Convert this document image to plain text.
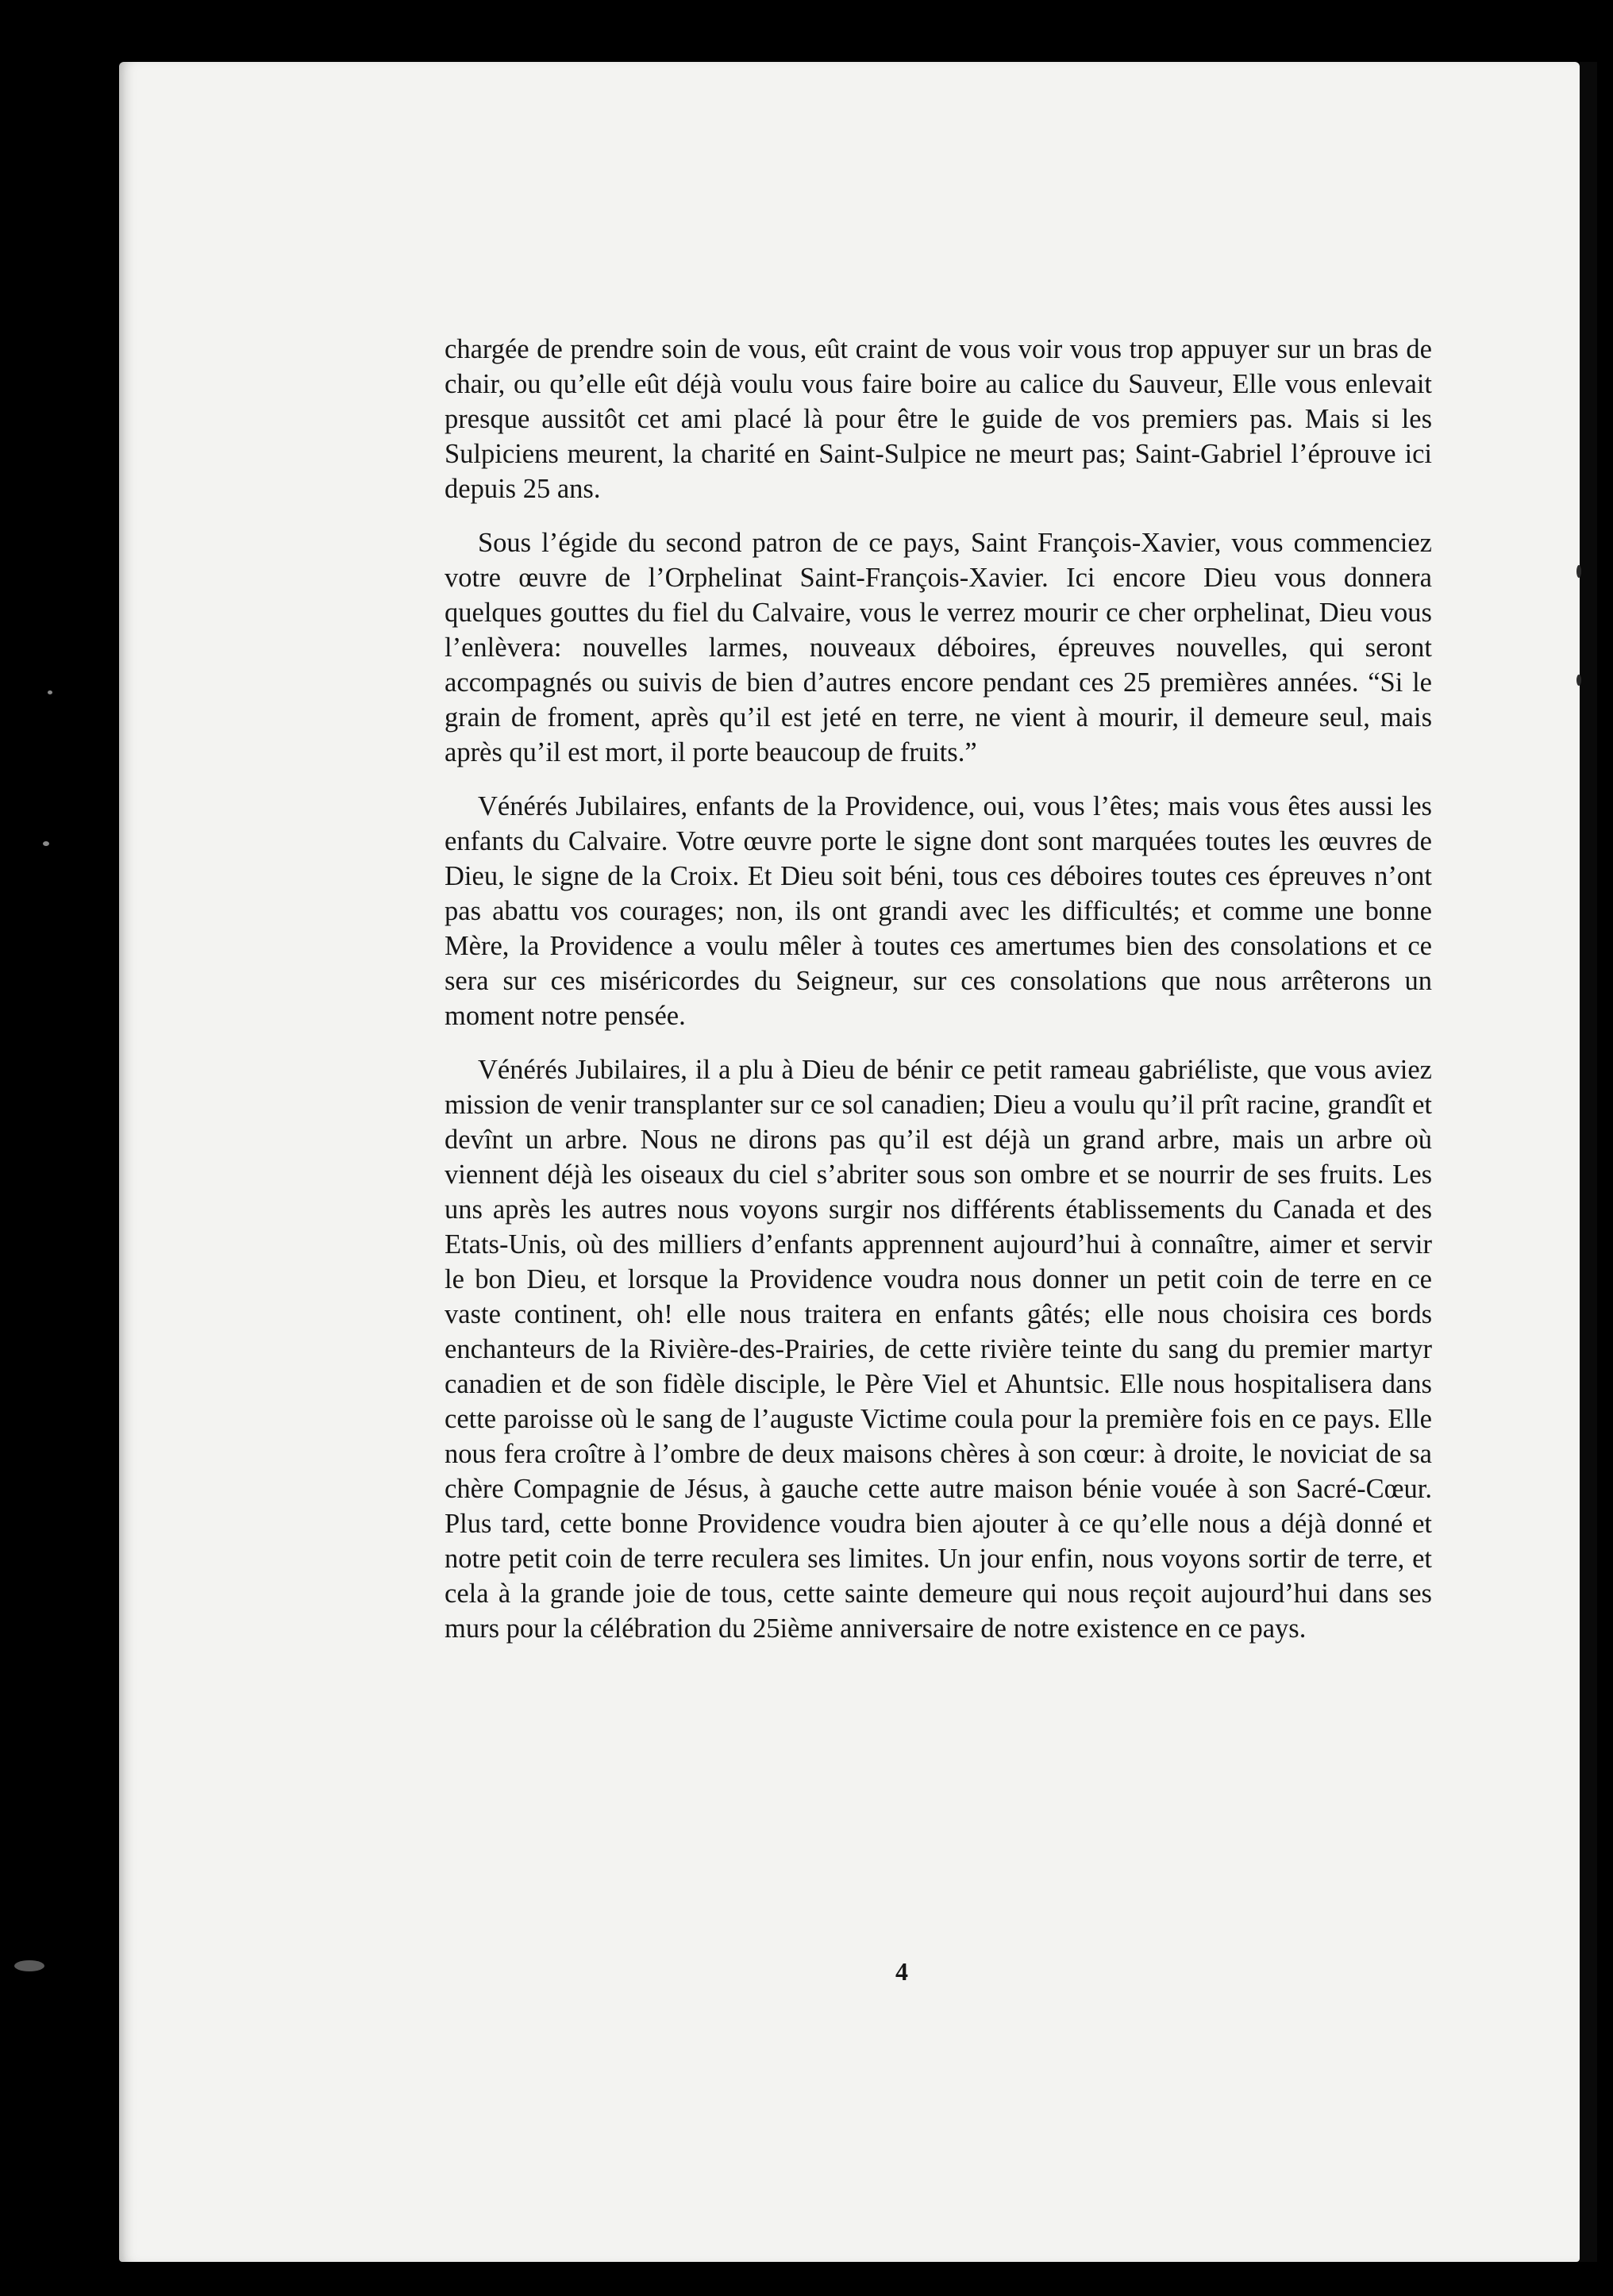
chargée de prendre soin de vous, eût craint de vous voir vous trop appuyer sur un bras de chair, ou qu’elle eût déjà voulu vous faire boire au calice du Sauveur, Elle vous enlevait presque aussitôt cet ami placé là pour être le guide de vos premiers pas. Mais si les Sulpiciens meurent, la charité en Saint-Sulpice ne meurt pas; Saint-Gabriel l’éprouve ici depuis 25 ans.

Sous l’égide du second patron de ce pays, Saint François-Xavier, vous commenciez votre œuvre de l’Orphelinat Saint-François-Xavier. Ici encore Dieu vous donnera quelques gouttes du fiel du Calvaire, vous le verrez mourir ce cher orphelinat, Dieu vous l’enlèvera: nouvelles larmes, nouveaux déboires, épreuves nouvelles, qui seront accompagnés ou suivis de bien d’autres encore pendant ces 25 premières années. “Si le grain de froment, après qu’il est jeté en terre, ne vient à mourir, il demeure seul, mais après qu’il est mort, il porte beaucoup de fruits.”

Vénérés Jubilaires, enfants de la Providence, oui, vous l’êtes; mais vous êtes aussi les enfants du Calvaire. Votre œuvre porte le signe dont sont marquées toutes les œuvres de Dieu, le signe de la Croix. Et Dieu soit béni, tous ces déboires toutes ces épreuves n’ont pas abattu vos courages; non, ils ont grandi avec les difficultés; et comme une bonne Mère, la Providence a voulu mêler à toutes ces amertumes bien des consolations et ce sera sur ces miséricordes du Seigneur, sur ces consolations que nous arrêterons un moment notre pensée.

Vénérés Jubilaires, il a plu à Dieu de bénir ce petit rameau gabriéliste, que vous aviez mission de venir transplanter sur ce sol canadien; Dieu a voulu qu’il prît racine, grandît et devînt un arbre. Nous ne dirons pas qu’il est déjà un grand arbre, mais un arbre où viennent déjà les oiseaux du ciel s’abriter sous son ombre et se nourrir de ses fruits. Les uns après les autres nous voyons surgir nos différents établissements du Canada et des Etats-Unis, où des milliers d’enfants apprennent aujourd’hui à connaître, aimer et servir le bon Dieu, et lorsque la Providence voudra nous donner un petit coin de terre en ce vaste continent, oh! elle nous traitera en enfants gâtés; elle nous choisira ces bords enchanteurs de la Rivière-des-Prairies, de cette rivière teinte du sang du premier martyr canadien et de son fidèle disciple, le Père Viel et Ahuntsic. Elle nous hospitalisera dans cette paroisse où le sang de l’auguste Victime coula pour la première fois en ce pays. Elle nous fera croître à l’ombre de deux maisons chères à son cœur: à droite, le noviciat de sa chère Compagnie de Jésus, à gauche cette autre maison bénie vouée à son Sacré-Cœur. Plus tard, cette bonne Providence voudra bien ajouter à ce qu’elle nous a déjà donné et notre petit coin de terre reculera ses limites. Un jour enfin, nous voyons sortir de terre, et cela à la grande joie de tous, cette sainte demeure qui nous reçoit aujourd’hui dans ses murs pour la célébration du 25ième anniversaire de notre existence en ce pays.

4
